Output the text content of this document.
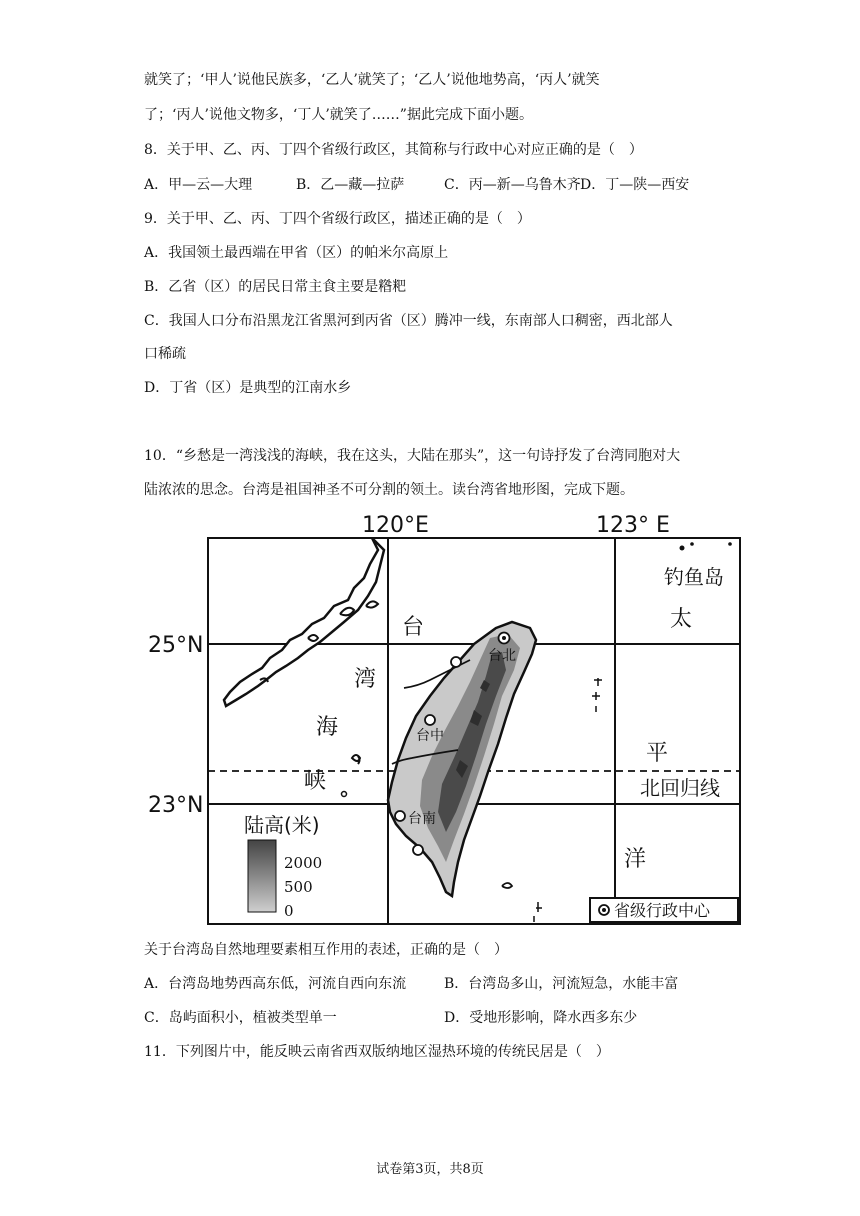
就笑了；‘甲人’说他民族多，‘乙人’就笑了；‘乙人’说他地势高，‘丙人’就笑
了；‘丙人’说他文物多，‘丁人’就笑了……”据此完成下面小题。
8．关于甲、乙、丙、丁四个省级行政区，其简称与行政中心对应正确的是（　）
A．甲—云—大理	B．乙—藏—拉萨	C．丙—新—乌鲁木齐 D．丁—陕—西安
9．关于甲、乙、丙、丁四个省级行政区，描述正确的是（　）
A．我国领土最西端在甲省（区）的帕米尔高原上
B．乙省（区）的居民日常主食主要是糌粑
C．我国人口分布沿黑龙江省黑河到丙省（区）腾冲一线，东南部人口稠密，西北部人
口稀疏
D．丁省（区）是典型的江南水乡
10．“乡愁是一湾浅浅的海峡，我在这头，大陆在那头”，这一句诗抒发了台湾同胞对大
陆浓浓的思念。台湾是祖国神圣不可分割的领土。读台湾省地形图，完成下题。
台北
台中
台南
120°E	123° E
25°N
23°N
台
湾
海
峡
太
平
洋
钓鱼岛
北回归线
陆高(米)
2000
500
0	省级行政中心
关于台湾岛自然地理要素相互作用的表述，正确的是（　）
A．台湾岛地势西高东低，河流自西向东流	B．台湾岛多山，河流短急，水能丰富
C．岛屿面积小，植被类型单一	D．受地形影响，降水西多东少
11．下列图片中，能反映云南省西双版纳地区湿热环境的传统民居是（　）
试卷第3页，共8页
